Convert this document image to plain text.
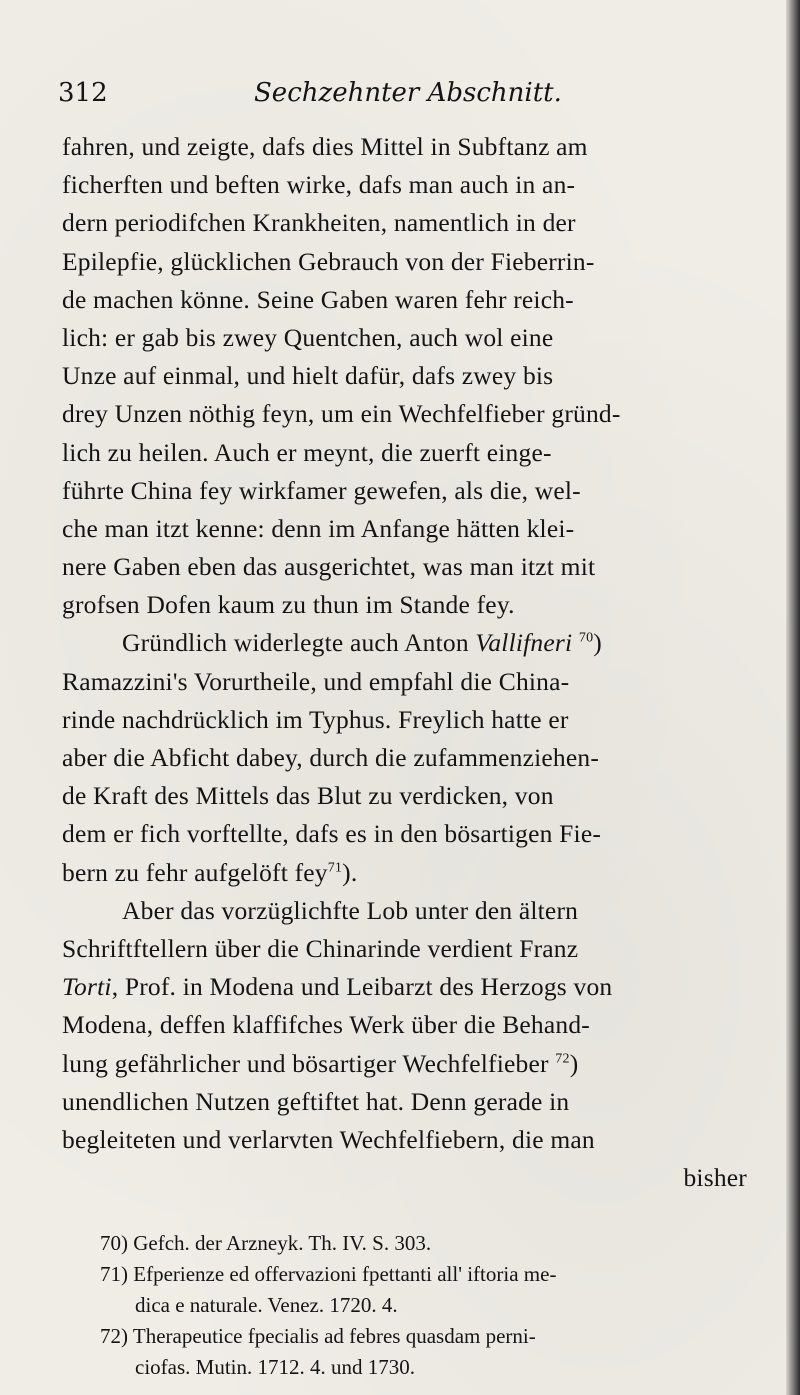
312	Sechzehnter Abschnitt.
fahren, und zeigte, dafs dies Mittel in Subftanz am
ficherften und beften wirke, dafs man auch in an-
dern periodifchen Krankheiten, namentlich in der
Epilepfie, glücklichen Gebrauch von der Fieberrin-
de machen könne. Seine Gaben waren fehr reich-
lich: er gab bis zwey Quentchen, auch wol eine
Unze auf einmal, und hielt dafür, dafs zwey bis
drey Unzen nöthig feyn, um ein Wechfelfieber gründ-
lich zu heilen. Auch er meynt, die zuerft einge-
führte China fey wirkfamer gewefen, als die, wel-
che man itzt kenne: denn im Anfange hätten klei-
nere Gaben eben das ausgerichtet, was man itzt mit
grofsen Dofen kaum zu thun im Stande fey.
Gründlich widerlegte auch Anton Vallifneri $^{70}$)
Ramazzini's Vorurtheile, und empfahl die China-
rinde nachdrücklich im Typhus. Freylich hatte er
aber die Abficht dabey, durch die zufammenziehen-
de Kraft des Mittels das Blut zu verdicken, von
dem er fich vorftellte, dafs es in den bösartigen Fie-
bern zu fehr aufgelöft fey$^{71}$).
Aber das vorzüglichfte Lob unter den ältern
Schriftftellern über die Chinarinde verdient Franz
Torti, Prof. in Modena und Leibarzt des Herzogs von
Modena, deffen klaffifches Werk über die Behand-
lung gefährlicher und bösartiger Wechfelfieber $^{72}$)
unendlichen Nutzen geftiftet hat. Denn gerade in
begleiteten und verlarvten Wechfelfiebern, die man
bisher
70) Gefch. der Arzneyk. Th. IV. S. 303.
71) Efperienze ed offervazioni fpettanti all' iftoria me-
dica e naturale. Venez. 1720. 4.
72) Therapeutice fpecialis ad febres quasdam perni-
ciofas. Mutin. 1712. 4. und 1730.
